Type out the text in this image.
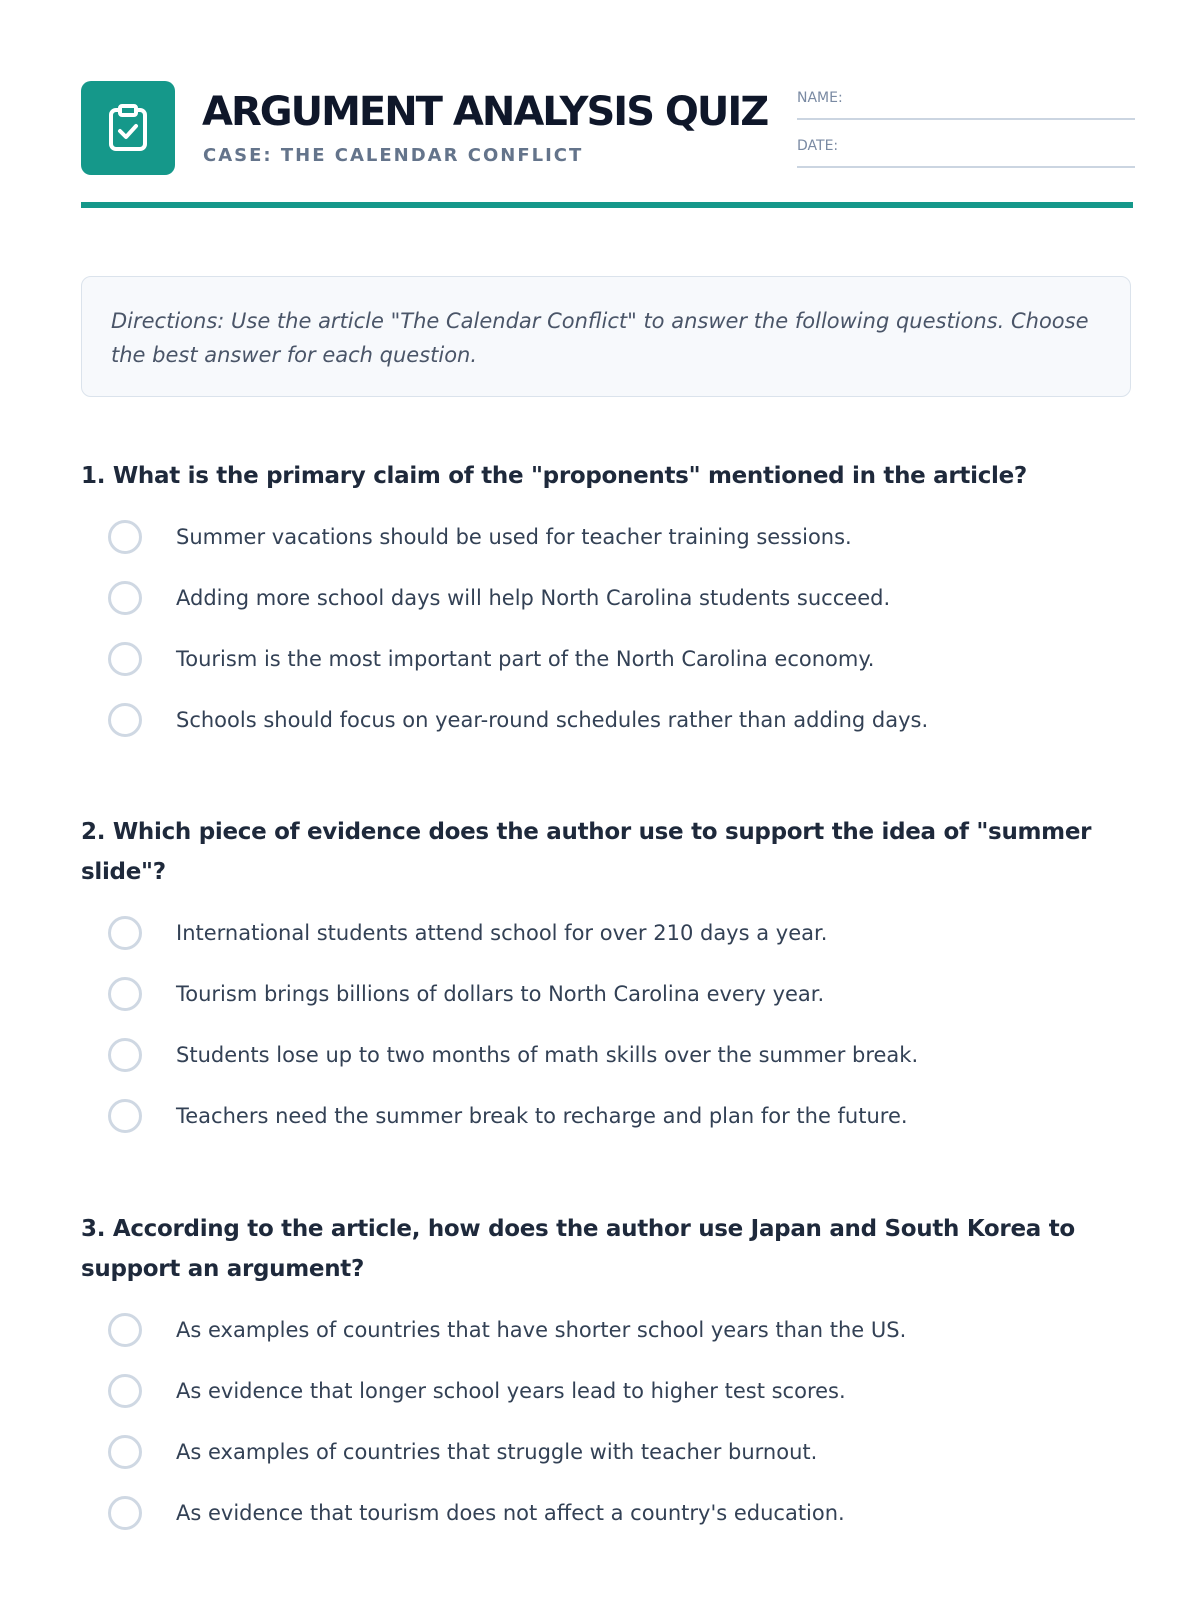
ARGUMENT ANALYSIS QUIZ
CASE: THE CALENDAR CONFLICT
NAME:
DATE:
Directions: Use the article "The Calendar Conflict" to answer the following questions. Choose the best answer for each question.
1. What is the primary claim of the "proponents" mentioned in the article?
Summer vacations should be used for teacher training sessions.
Adding more school days will help North Carolina students succeed.
Tourism is the most important part of the North Carolina economy.
Schools should focus on year-round schedules rather than adding days.
2. Which piece of evidence does the author use to support the idea of "summer slide"?
International students attend school for over 210 days a year.
Tourism brings billions of dollars to North Carolina every year.
Students lose up to two months of math skills over the summer break.
Teachers need the summer break to recharge and plan for the future.
3. According to the article, how does the author use Japan and South Korea to support an argument?
As examples of countries that have shorter school years than the US.
As evidence that longer school years lead to higher test scores.
As examples of countries that struggle with teacher burnout.
As evidence that tourism does not affect a country's education.
